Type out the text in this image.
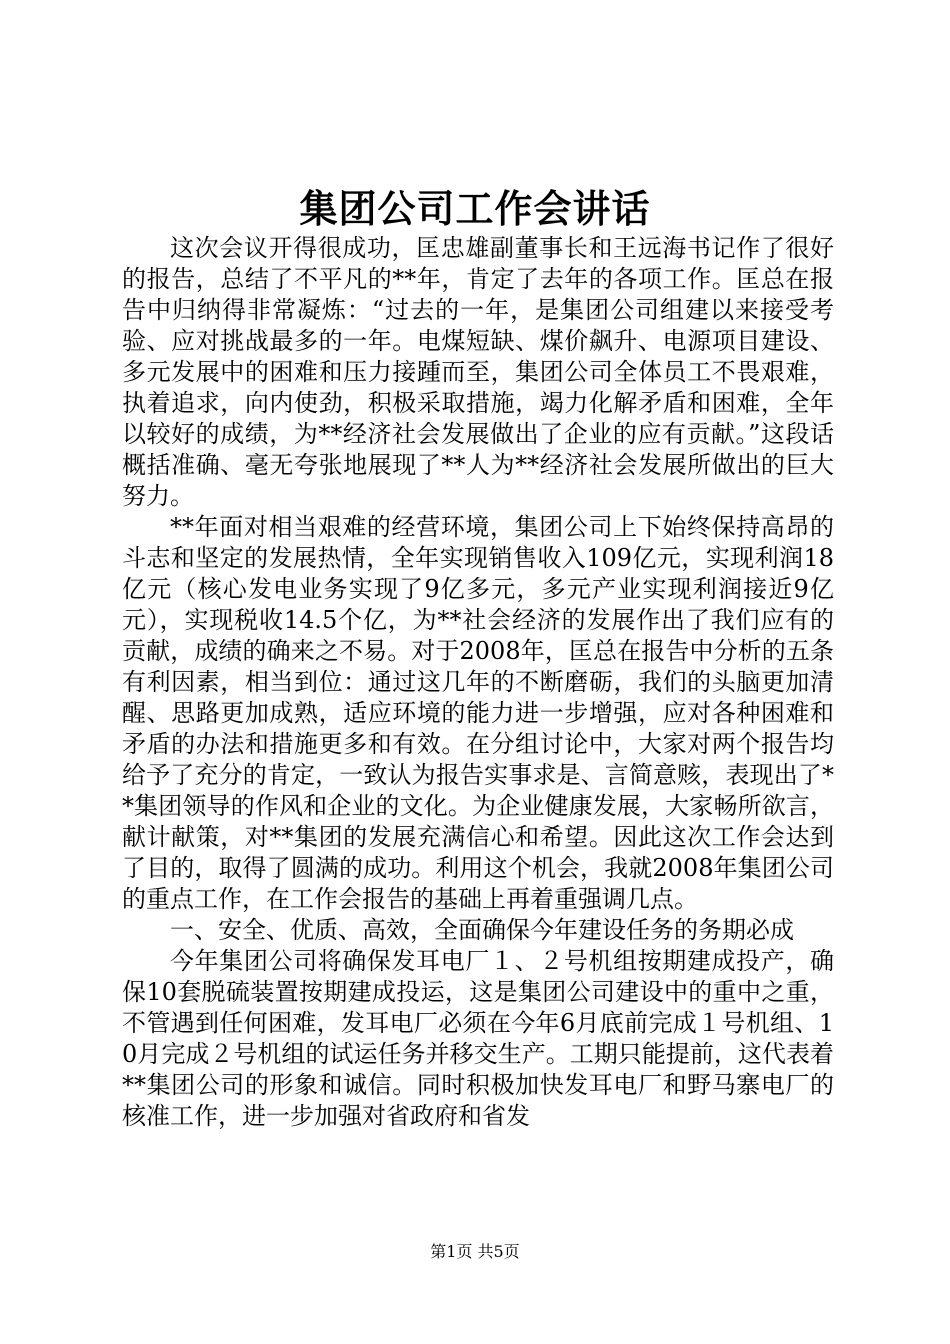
集团公司工作会讲话

这次会议开得很成功，匡忠雄副董事长和王远海书记作了很好的报告，总结了不平凡的**年，肯定了去年的各项工作。匡总在报告中归纳得非常凝炼：“过去的一年，是集团公司组建以来接受考验、应对挑战最多的一年。电煤短缺、煤价飙升、电源项目建设、多元发展中的困难和压力接踵而至，集团公司全体员工不畏艰难，执着追求，向内使劲，积极采取措施，竭力化解矛盾和困难，全年以较好的成绩，为**经济社会发展做出了企业的应有贡献。”这段话概括准确、毫无夸张地展现了**人为**经济社会发展所做出的巨大努力。

**年面对相当艰难的经营环境，集团公司上下始终保持高昂的斗志和坚定的发展热情，全年实现销售收入109亿元，实现利润18亿元（核心发电业务实现了9亿多元，多元产业实现利润接近9亿元），实现税收14.5个亿，为**社会经济的发展作出了我们应有的贡献，成绩的确来之不易。对于2008年，匡总在报告中分析的五条有利因素，相当到位：通过这几年的不断磨砺，我们的头脑更加清醒、思路更加成熟，适应环境的能力进一步增强，应对各种困难和矛盾的办法和措施更多和有效。在分组讨论中，大家对两个报告均给予了充分的肯定，一致认为报告实事求是、言简意赅，表现出了**集团领导的作风和企业的文化。为企业健康发展，大家畅所欲言，献计献策，对**集团的发展充满信心和希望。因此这次工作会达到了目的，取得了圆满的成功。利用这个机会，我就2008年集团公司的重点工作，在工作会报告的基础上再着重强调几点。

一、安全、优质、高效，全面确保今年建设任务的务期必成

今年集团公司将确保发耳电厂１、２号机组按期建成投产，确保10套脱硫装置按期建成投运，这是集团公司建设中的重中之重，不管遇到任何困难，发耳电厂必须在今年6月底前完成１号机组、10月完成２号机组的试运任务并移交生产。工期只能提前，这代表着**集团公司的形象和诚信。同时积极加快发耳电厂和野马寨电厂的核准工作，进一步加强对省政府和省发

第1页 共5页
